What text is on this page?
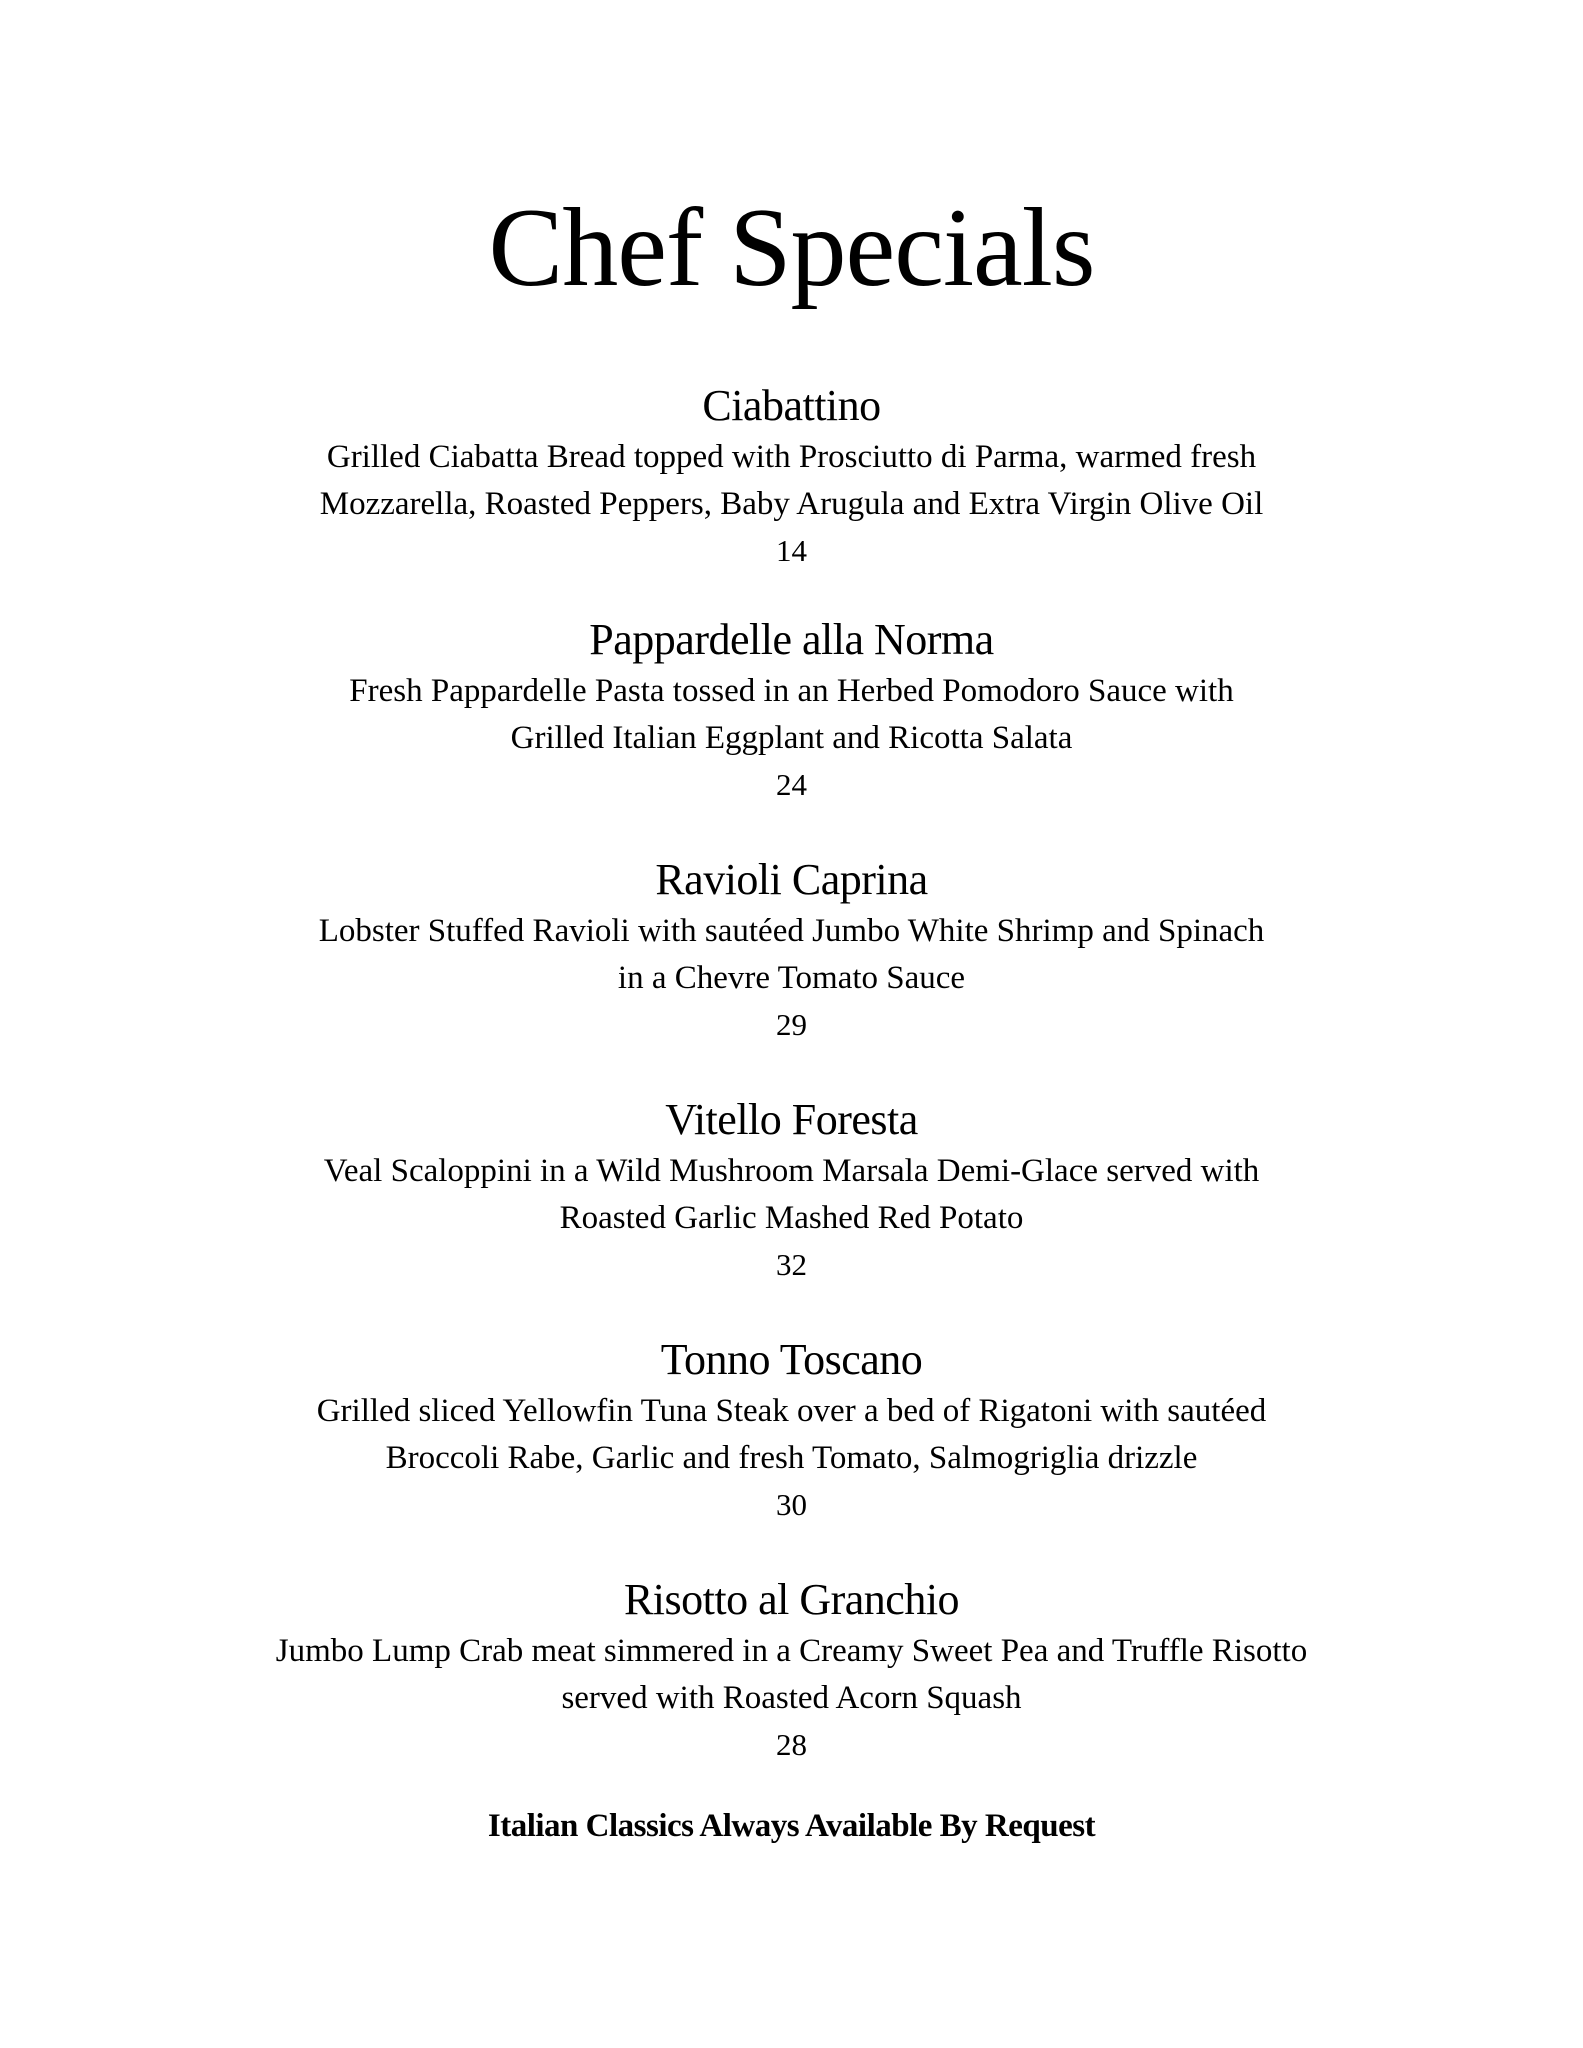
Chef Specials

Ciabattino

Grilled Ciabatta Bread topped with Prosciutto di Parma, warmed fresh

Mozzarella, Roasted Peppers, Baby Arugula and Extra Virgin Olive Oil

14

Pappardelle alla Norma

Fresh Pappardelle Pasta tossed in an Herbed Pomodoro Sauce with

Grilled Italian Eggplant and Ricotta Salata

24

Ravioli Caprina

Lobster Stuffed Ravioli with sautéed Jumbo White Shrimp and Spinach

in a Chevre Tomato Sauce

29

Vitello Foresta

Veal Scaloppini in a Wild Mushroom Marsala Demi-Glace served with

Roasted Garlic Mashed Red Potato

32

Tonno Toscano

Grilled sliced Yellowfin Tuna Steak over a bed of Rigatoni with sautéed

Broccoli Rabe, Garlic and fresh Tomato, Salmogriglia drizzle

30

Risotto al Granchio

Jumbo Lump Crab meat simmered in a Creamy Sweet Pea and Truffle Risotto

served with Roasted Acorn Squash

28

Italian Classics Always Available By Request
